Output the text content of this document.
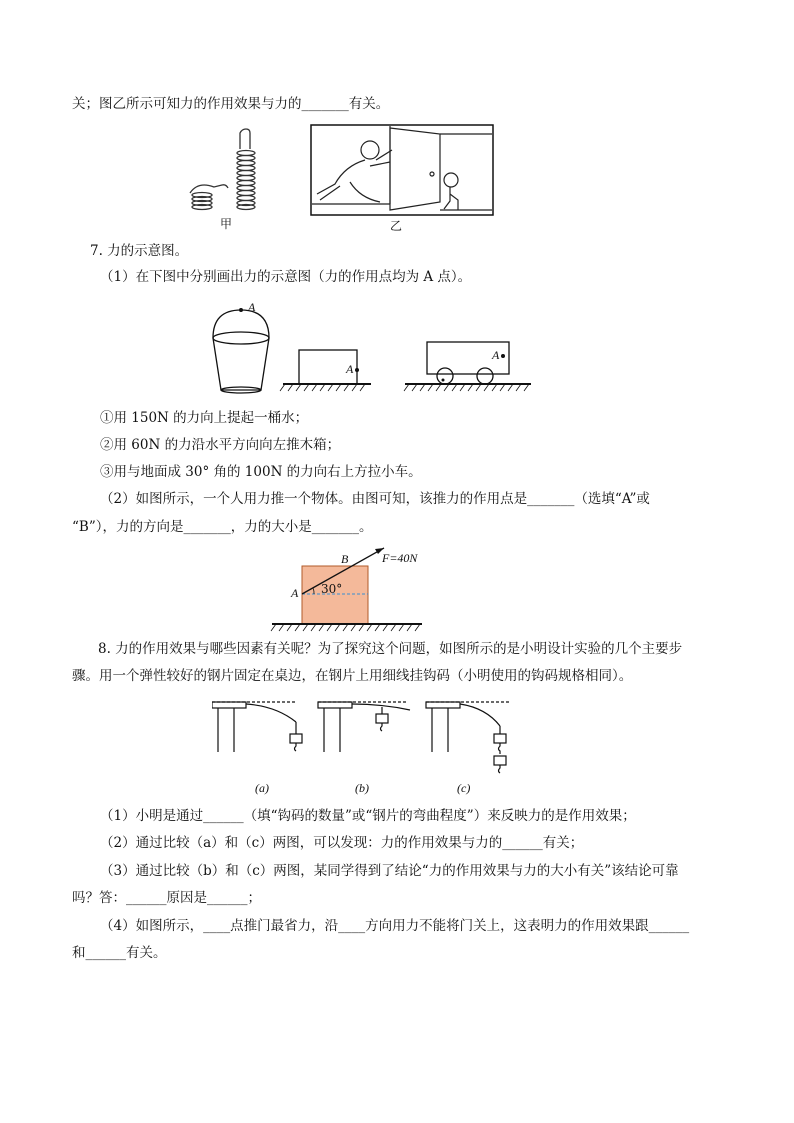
关；图乙所示可知力的作用效果与力的_______有关。
7. 力的示意图。
（1）在下图中分别画出力的示意图（力的作用点均为 A 点）。
①用 150N 的力向上提起一桶水；
②用 60N 的力沿水平方向向左推木箱；
③用与地面成 30° 角的 100N 的力向右上方拉小车。
（2）如图所示，一个人用力推一个物体。由图可知，该推力的作用点是_______（选填“A”或
“B”），力的方向是_______，力的大小是_______。
8. 力的作用效果与哪些因素有关呢？为了探究这个问题，如图所示的是小明设计实验的几个主要步
骤。用一个弹性较好的钢片固定在桌边，在钢片上用细线挂钩码（小明使用的钩码规格相同）。
（1）小明是通过______（填“钩码的数量”或“钢片的弯曲程度”）来反映力的是作用效果；
（2）通过比较（a）和（c）两图，可以发现：力的作用效果与力的______有关；
（3）通过比较（b）和（c）两图，某同学得到了结论“力的作用效果与力的大小有关”该结论可靠
吗？答：______原因是______；
（4）如图所示，____点推门最省力，沿____方向用力不能将门关上，这表明力的作用效果跟______
和______有关。
甲	乙
A
A
A
A
B	F=40N
30°
(a)	(b)	(c)
